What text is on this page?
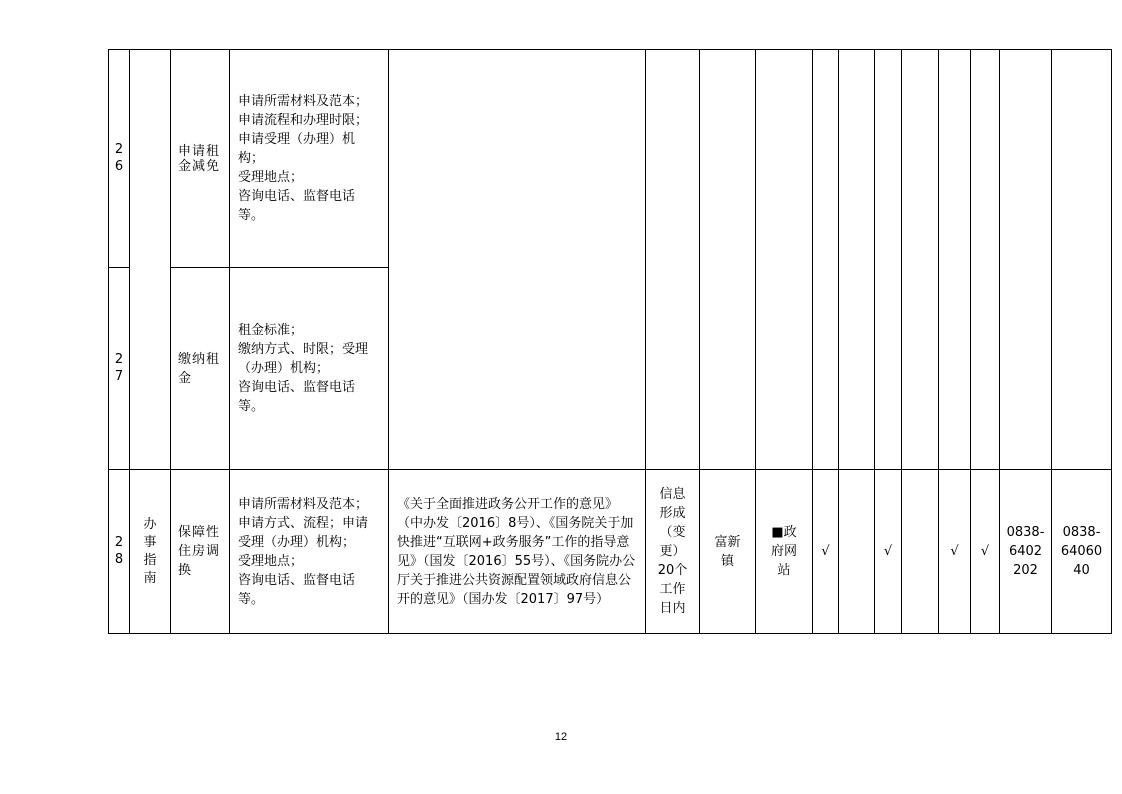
26		申请租金减免	申请所需材料及范本；
申请流程和办理时限；
申请受理（办理）机构；
受理地点；
咨询电话、监督电话等。												

27		缴纳租金	租金标准；
缴纳方式、时限；受理（办理）机构；
咨询电话、监督电话等。												

28	办事指南	保障性住房调换	申请所需材料及范本；
申请方式、流程；申请受理（办理）机构；
受理地点；
咨询电话、监督电话等。	《关于全面推进政务公开工作的意见》（中办发〔2016〕8号）、《国务院关于加快推进“互联网+政务服务”工作的指导意见》（国发〔2016〕55号）、《国务院办公厅关于推进公共资源配置领域政府信息公开的意见》（国办发〔2017〕97号）	信息形成（变更）20个工作日内	富新镇	■政府网站	√		√		√	√	0838-6402202	0838-6406040
12
